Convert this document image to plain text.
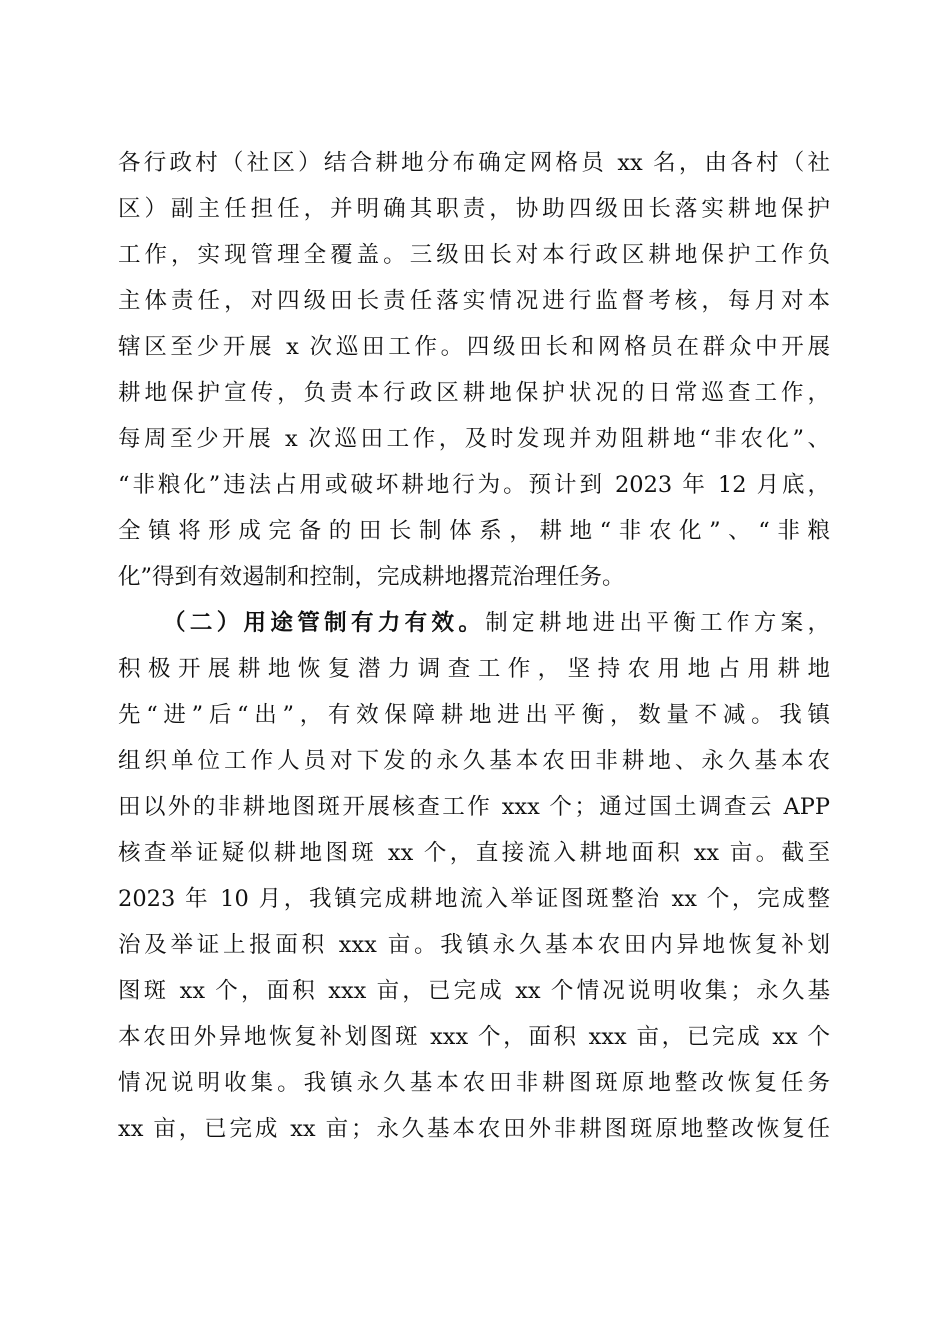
各行政村（社区）结合耕地分布确定网格员 xx 名，由各村（社
区）副主任担任，并明确其职责，协助四级田长落实耕地保护
工作，实现管理全覆盖。三级田长对本行政区耕地保护工作负
主体责任，对四级田长责任落实情况进行监督考核，每月对本
辖区至少开展 x 次巡田工作。四级田长和网格员在群众中开展
耕地保护宣传，负责本行政区耕地保护状况的日常巡查工作，
每周至少开展 x 次巡田工作，及时发现并劝阻耕地“非农化”、
“非粮化”违法占用或破坏耕地行为。预计到 2023 年 12 月底，
全镇将形成完备的田长制体系，耕地“非农化”、“非粮
化”得到有效遏制和控制，完成耕地撂荒治理任务。
（二）用途管制有力有效。制定耕地进出平衡工作方案，
积极开展耕地恢复潜力调查工作，坚持农用地占用耕地
先“进”后“出”，有效保障耕地进出平衡，数量不减。我镇
组织单位工作人员对下发的永久基本农田非耕地、永久基本农
田以外的非耕地图斑开展核查工作 xxx 个；通过国土调查云 APP
核查举证疑似耕地图斑 xx 个，直接流入耕地面积 xx 亩。截至
2023 年 10 月，我镇完成耕地流入举证图斑整治 xx 个，完成整
治及举证上报面积 xxx 亩。我镇永久基本农田内异地恢复补划
图斑 xx 个，面积 xxx 亩，已完成 xx 个情况说明收集；永久基
本农田外异地恢复补划图斑 xxx 个，面积 xxx 亩，已完成 xx 个
情况说明收集。我镇永久基本农田非耕图斑原地整改恢复任务
xx 亩，已完成 xx 亩；永久基本农田外非耕图斑原地整改恢复任
